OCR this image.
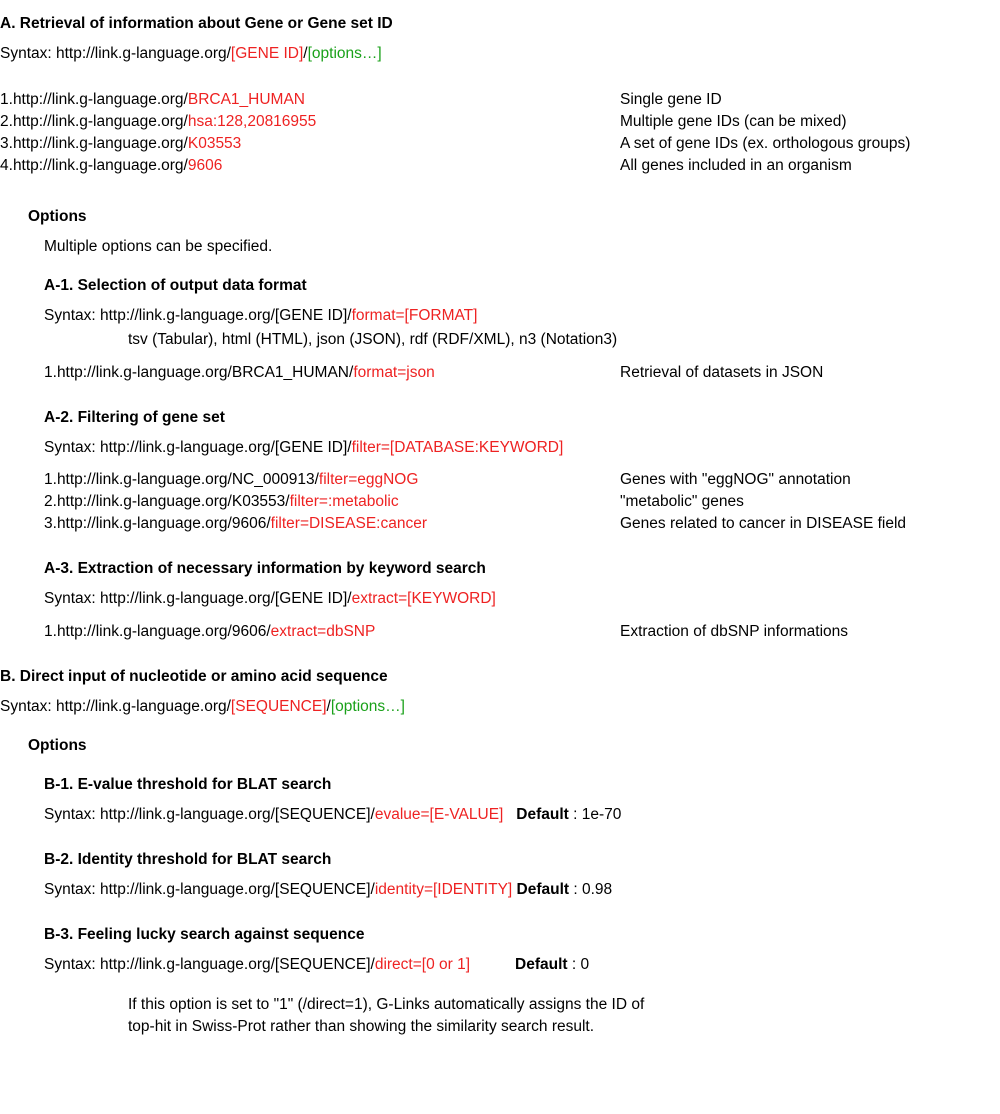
A. Retrieval of information about Gene or Gene set ID
Syntax: http://link.g-language.org/[GENE ID]/[options…]
1. http://link.g-language.org/ BRCA1_HUMAN	Single gene ID
2. http://link.g-language.org/ hsa:128,20816955	Multiple gene IDs (can be mixed)
3. http://link.g-language.org/ K03553	A set of gene IDs (ex. orthologous groups)
4. http://link.g-language.org/ 9606	All genes included in an organism
Options
Multiple options can be specified.
A-1. Selection of output data format
Syntax: http://link.g-language.org/[GENE ID]/format=[FORMAT]
tsv (Tabular), html (HTML), json (JSON), rdf (RDF/XML), n3 (Notation3)
1. http://link.g-language.org/BRCA1_HUMAN/ format=json	Retrieval of datasets in JSON
A-2. Filtering of gene set
Syntax: http://link.g-language.org/[GENE ID]/filter=[DATABASE:KEYWORD]
1. http://link.g-language.org/NC_000913/ filter=eggNOG	Genes with "eggNOG" annotation
2. http://link.g-language.org/K03553/ filter=:metabolic	"metabolic" genes
3. http://link.g-language.org/9606/ filter=DISEASE:cancer	Genes related to cancer in DISEASE field
A-3. Extraction of necessary information by keyword search
Syntax: http://link.g-language.org/[GENE ID]/extract=[KEYWORD]
1. http://link.g-language.org/9606/ extract=dbSNP	Extraction of dbSNP informations
B. Direct input of nucleotide or amino acid sequence
Syntax: http://link.g-language.org/[SEQUENCE]/[options…]
Options
B-1. E-value threshold for BLAT search
Syntax: http://link.g-language.org/[SEQUENCE]/evalue=[E-VALUE] Default : 1e-70
B-2. Identity threshold for BLAT search
Syntax: http://link.g-language.org/[SEQUENCE]/identity=[IDENTITY] Default : 0.98
B-3. Feeling lucky search against sequence
Syntax: http://link.g-language.org/[SEQUENCE]/direct=[0 or 1]	Default : 0
If this option is set to "1" (/direct=1), G-Links automatically assigns the ID of
top-hit in Swiss-Prot rather than showing the similarity search result.
